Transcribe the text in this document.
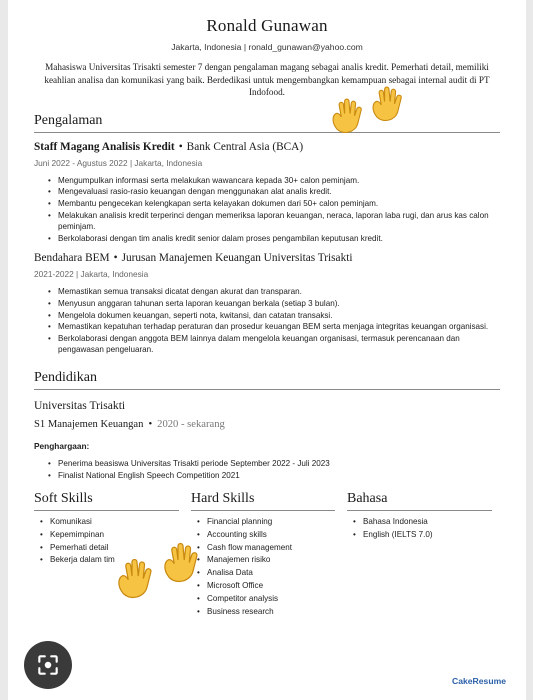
Ronald Gunawan
Jakarta, Indonesia | ronald_gunawan@yahoo.com
Mahasiswa Universitas Trisakti semester 7 dengan pengalaman magang sebagai analis kredit. Pemerhati detail, memiliki keahlian analisa dan komunikasi yang baik. Berdedikasi untuk mengembangkan kemampuan sebagai internal audit di PT Indofood.
Pengalaman
Staff Magang Analisis Kredit • Bank Central Asia (BCA)
Juni 2022 - Agustus 2022 | Jakarta, Indonesia
• Mengumpulkan informasi serta melakukan wawancara kepada 30+ calon peminjam.
• Mengevaluasi rasio-rasio keuangan dengan menggunakan alat analis kredit.
• Membantu pengecekan kelengkapan serta kelayakan dokumen dari 50+ calon peminjam.
• Melakukan analisis kredit terperinci dengan memeriksa laporan keuangan, neraca, laporan laba rugi, dan arus kas calon peminjam.
• Berkolaborasi dengan tim analis kredit senior dalam proses pengambilan keputusan kredit.
Bendahara BEM • Jurusan Manajemen Keuangan Universitas Trisakti
2021-2022 | Jakarta, Indonesia
• Memastikan semua transaksi dicatat dengan akurat dan transparan.
• Menyusun anggaran tahunan serta laporan keuangan berkala (setiap 3 bulan).
• Mengelola dokumen keuangan, seperti nota, kwitansi, dan catatan transaksi.
• Memastikan kepatuhan terhadap peraturan dan prosedur keuangan BEM serta menjaga integritas keuangan organisasi.
• Berkolaborasi dengan anggota BEM lainnya dalam mengelola keuangan organisasi, termasuk perencanaan dan pengawasan pengeluaran.
Pendidikan
Universitas Trisakti
S1 Manajemen Keuangan • 2020 - sekarang
Penghargaan:
• Penerima beasiswa Universitas Trisakti periode September 2022 - Juli 2023
• Finalist National English Speech Competition 2021
Soft Skills
• Komunikasi
• Kepemimpinan
• Pemerhati detail
• Bekerja dalam tim
Hard Skills
• Financial planning
• Accounting skills
• Cash flow management
• Manajemen risiko
• Analisa Data
• Microsoft Office
• Competitor analysis
• Business research
Bahasa
• Bahasa Indonesia
• English (IELTS 7.0)
CakeResume
